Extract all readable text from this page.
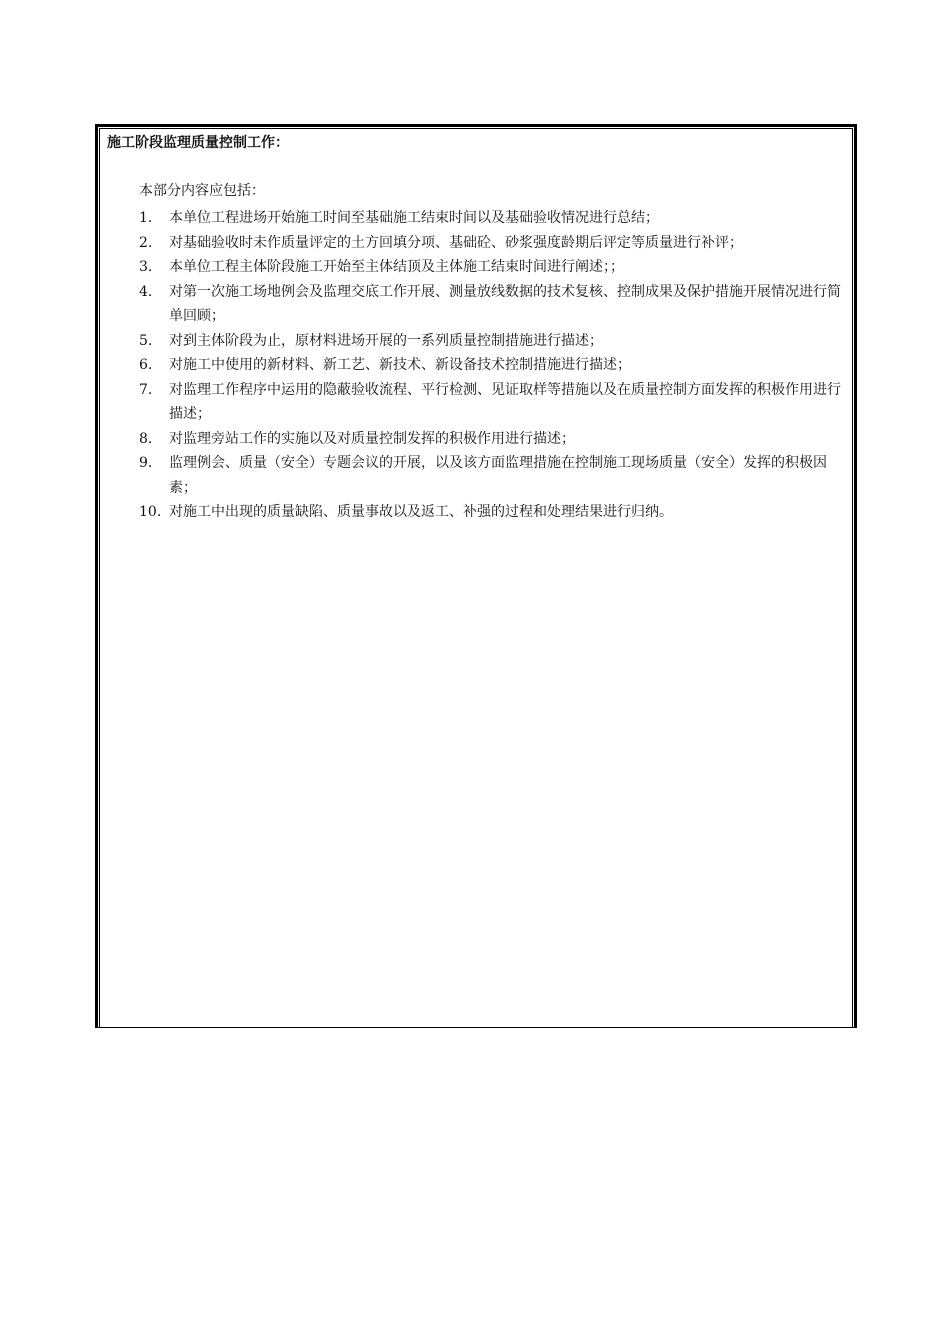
施工阶段监理质量控制工作：
本部分内容应包括：
1. 本单位工程进场开始施工时间至基础施工结束时间以及基础验收情况进行总结；
2. 对基础验收时未作质量评定的土方回填分项、基础砼、砂浆强度龄期后评定等质量进行补评；
3. 本单位工程主体阶段施工开始至主体结顶及主体施工结束时间进行阐述；；
4. 对第一次施工场地例会及监理交底工作开展、测量放线数据的技术复核、控制成果及保护措施开展情况进行简单回顾；
5. 对到主体阶段为止，原材料进场开展的一系列质量控制措施进行描述；
6. 对施工中使用的新材料、新工艺、新技术、新设备技术控制措施进行描述；
7. 对监理工作程序中运用的隐蔽验收流程、平行检测、见证取样等措施以及在质量控制方面发挥的积极作用进行描述；
8. 对监理旁站工作的实施以及对质量控制发挥的积极作用进行描述；
9. 监理例会、质量（安全）专题会议的开展，以及该方面监理措施在控制施工现场质量（安全）发挥的积极因素；
10. 对施工中出现的质量缺陷、质量事故以及返工、补强的过程和处理结果进行归纳。
